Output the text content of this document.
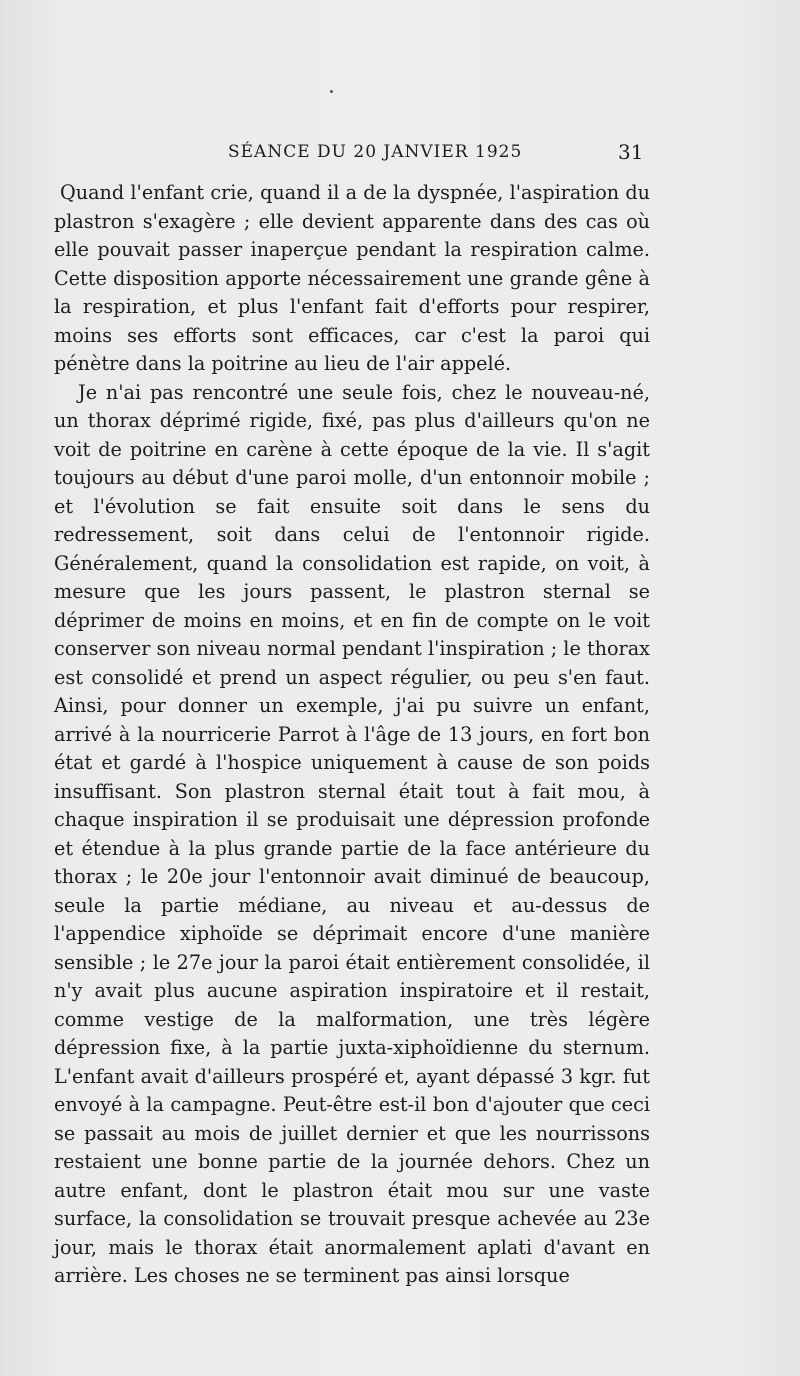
SÉANCE DU 20 JANVIER 1925	31

Quand l'enfant crie, quand il a de la dyspnée, l'aspiration du plastron s'exagère ; elle devient apparente dans des cas où elle pouvait passer inaperçue pendant la respiration calme. Cette disposition apporte nécessairement une grande gêne à la respiration, et plus l'enfant fait d'efforts pour respirer, moins ses efforts sont efficaces, car c'est la paroi qui pénètre dans la poitrine au lieu de l'air appelé.

Je n'ai pas rencontré une seule fois, chez le nouveau-né, un thorax déprimé rigide, fixé, pas plus d'ailleurs qu'on ne voit de poitrine en carène à cette époque de la vie. Il s'agit toujours au début d'une paroi molle, d'un entonnoir mobile ; et l'évolution se fait ensuite soit dans le sens du redressement, soit dans celui de l'entonnoir rigide. Généralement, quand la consolidation est rapide, on voit, à mesure que les jours passent, le plastron sternal se déprimer de moins en moins, et en fin de compte on le voit conserver son niveau normal pendant l'inspiration ; le thorax est consolidé et prend un aspect régulier, ou peu s'en faut. Ainsi, pour donner un exemple, j'ai pu suivre un enfant, arrivé à la nourricerie Parrot à l'âge de 13 jours, en fort bon état et gardé à l'hospice uniquement à cause de son poids insuffisant. Son plastron sternal était tout à fait mou, à chaque inspiration il se produisait une dépression profonde et étendue à la plus grande partie de la face antérieure du thorax ; le 20e jour l'entonnoir avait diminué de beaucoup, seule la partie médiane, au niveau et au-dessus de l'appendice xiphoïde se déprimait encore d'une manière sensible ; le 27e jour la paroi était entièrement consolidée, il n'y avait plus aucune aspiration inspiratoire et il restait, comme vestige de la malformation, une très légère dépression fixe, à la partie juxta-xiphoïdienne du sternum. L'enfant avait d'ailleurs prospéré et, ayant dépassé 3 kgr. fut envoyé à la campagne. Peut-être est-il bon d'ajouter que ceci se passait au mois de juillet dernier et que les nourrissons restaient une bonne partie de la journée dehors. Chez un autre enfant, dont le plastron était mou sur une vaste surface, la consolidation se trouvait presque achevée au 23e jour, mais le thorax était anormalement aplati d'avant en arrière. Les choses ne se terminent pas ainsi lorsque
